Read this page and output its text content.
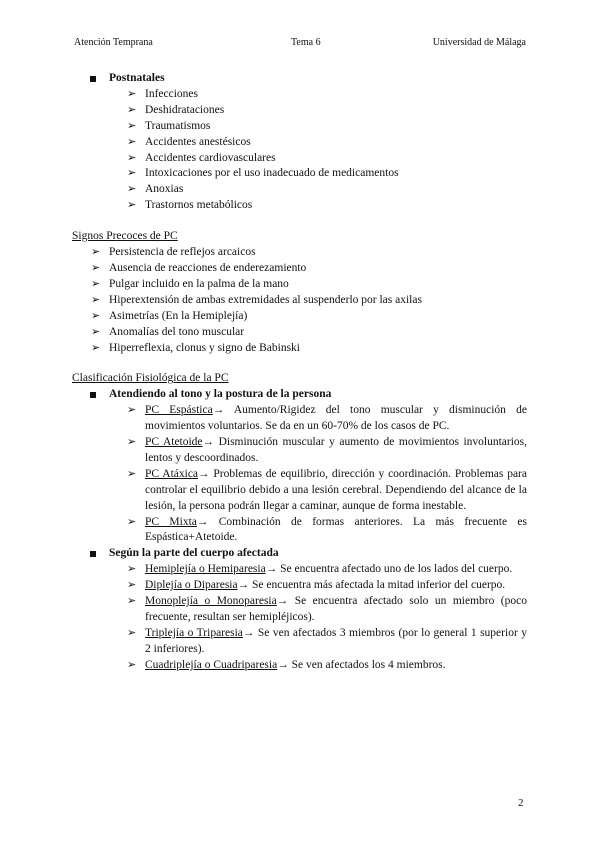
Atención Temprana	Tema 6	Universidad de Málaga
Postnatales
➢ Infecciones
➢ Deshidrataciones
➢ Traumatismos
➢ Accidentes anestésicos
➢ Accidentes cardiovasculares
➢ Intoxicaciones por el uso inadecuado de medicamentos
➢ Anoxias
➢ Trastornos metabólicos
Signos Precoces de PC
➢ Persistencia de reflejos arcaicos
➢ Ausencia de reacciones de enderezamiento
➢ Pulgar incluido en la palma de la mano
➢ Hiperextensión de ambas extremidades al suspenderlo por las axilas
➢ Asimetrías (En la Hemiplejía)
➢ Anomalías del tono muscular
➢ Hiperreflexia, clonus y signo de Babinski
Clasificación Fisiológica de la PC
Atendiendo al tono y la postura de la persona
➢ PC Espástica→ Aumento/Rigidez del tono muscular y disminución de movimientos voluntarios. Se da en un 60-70% de los casos de PC.
➢ PC Atetoide→ Disminución muscular y aumento de movimientos involuntarios, lentos y descoordinados.
➢ PC Atáxica→ Problemas de equilibrio, dirección y coordinación. Problemas para controlar el equilibrio debido a una lesión cerebral. Dependiendo del alcance de la lesión, la persona podrán llegar a caminar, aunque de forma inestable.
➢ PC Mixta→ Combinación de formas anteriores. La más frecuente es Espástica+Atetoide.
Según la parte del cuerpo afectada
➢ Hemiplejía o Hemiparesia→ Se encuentra afectado uno de los lados del cuerpo.
➢ Diplejía o Diparesia→ Se encuentra más afectada la mitad inferior del cuerpo.
➢ Monoplejía o Monoparesia→ Se encuentra afectado solo un miembro (poco frecuente, resultan ser hemipléjicos).
➢ Triplejía o Triparesia→ Se ven afectados 3 miembros (por lo general 1 superior y 2 inferiores).
➢ Cuadriplejía o Cuadriparesia→ Se ven afectados los 4 miembros.
2
